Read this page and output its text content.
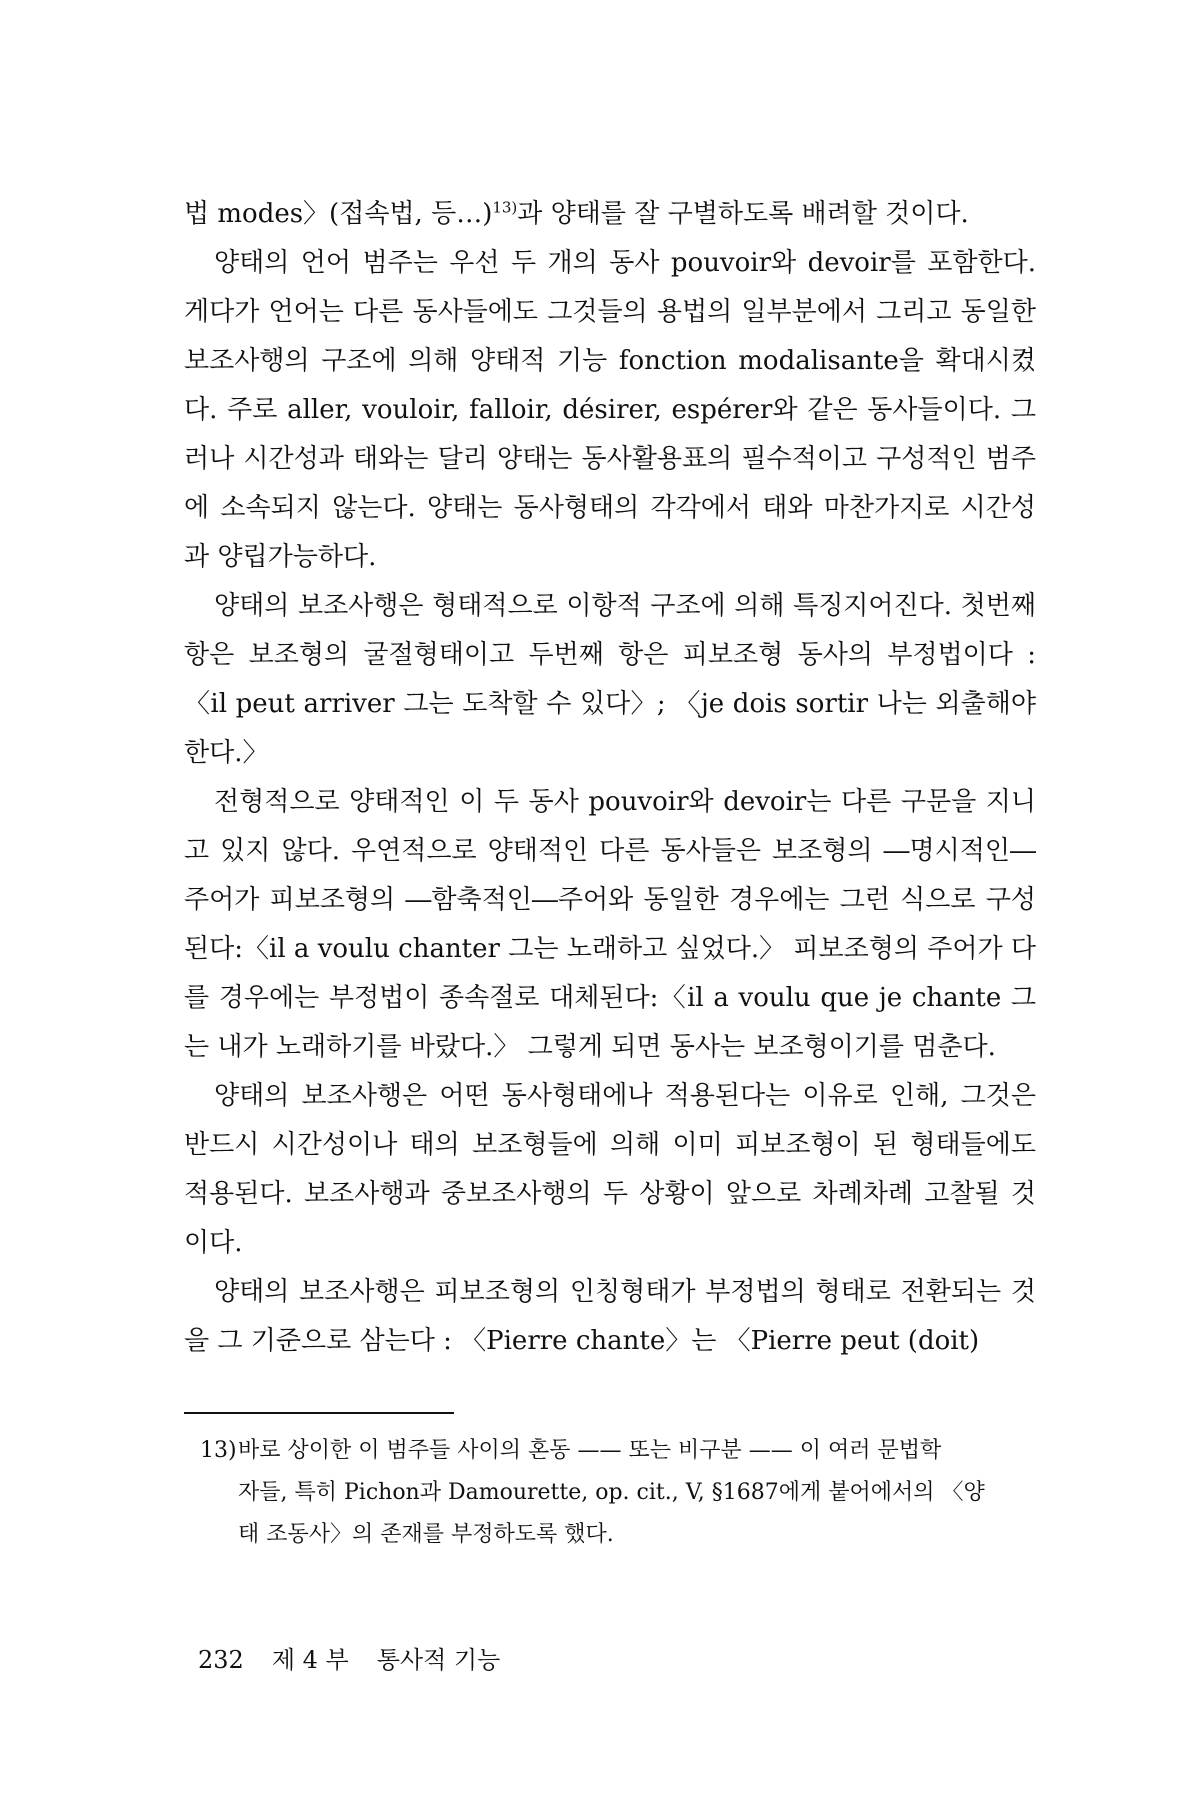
법 modes〉(접속법, 등…)$^{13)}$과 양태를 잘 구별하도록 배려할 것이다.

양태의 언어 범주는 우선 두 개의 동사 pouvoir와 devoir를 포함한다. 게다가 언어는 다른 동사들에도 그것들의 용법의 일부분에서 그리고 동일한 보조사행의 구조에 의해 양태적 기능 fonction modalisante을 확대시켰다. 주로 aller, vouloir, falloir, désirer, espérer와 같은 동사들이다. 그러나 시간성과 태와는 달리 양태는 동사활용표의 필수적이고 구성적인 범주에 소속되지 않는다. 양태는 동사형태의 각각에서 태와 마찬가지로 시간성과 양립가능하다.

양태의 보조사행은 형태적으로 이항적 구조에 의해 특징지어진다. 첫번째 항은 보조형의 굴절형태이고 두번째 항은 피보조형 동사의 부정법이다 : 〈il peut arriver 그는 도착할 수 있다〉; 〈je dois sortir 나는 외출해야 한다.〉

전형적으로 양태적인 이 두 동사 pouvoir와 devoir는 다른 구문을 지니고 있지 않다. 우연적으로 양태적인 다른 동사들은 보조형의 ―명시적인―주어가 피보조형의 ―함축적인―주어와 동일한 경우에는 그런 식으로 구성된다:〈il a voulu chanter 그는 노래하고 싶었다.〉 피보조형의 주어가 다를 경우에는 부정법이 종속절로 대체된다:〈il a voulu que je chante 그는 내가 노래하기를 바랐다.〉 그렇게 되면 동사는 보조형이기를 멈춘다.

양태의 보조사행은 어떤 동사형태에나 적용된다는 이유로 인해, 그것은 반드시 시간성이나 태의 보조형들에 의해 이미 피보조형이 된 형태들에도 적용된다. 보조사행과 중보조사행의 두 상황이 앞으로 차례차례 고찰될 것이다.

양태의 보조사행은 피보조형의 인칭형태가 부정법의 형태로 전환되는 것을 그 기준으로 삼는다 : 〈Pierre chante〉는 〈Pierre peut (doit)

13)바로 상이한 이 범주들 사이의 혼동 —— 또는 비구분 —— 이 여러 문법학

자들, 특히 Pichon과 Damourette, op. cit., V, §1687에게 붙어에서의 〈양

태 조동사〉의 존재를 부정하도록 했다.

232 제 4 부 통사적 기능
